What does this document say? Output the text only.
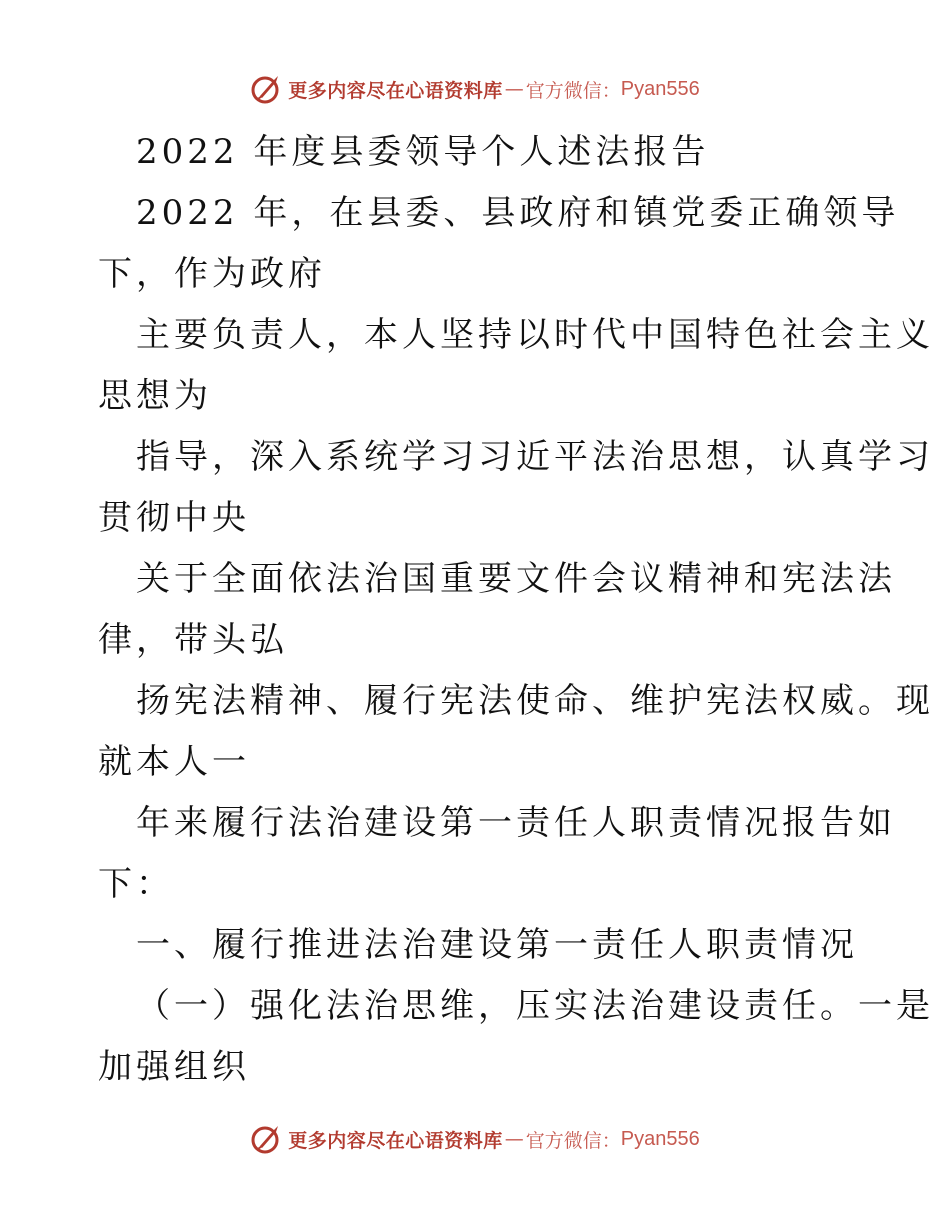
更多内容尽在心语资料库 — 官方微信： Pyan556
2022 年度县委领导个人述法报告
2022 年，在县委、县政府和镇党委正确领导
下，作为政府
主要负责人，本人坚持以时代中国特色社会主义
思想为
指导，深入系统学习习近平法治思想，认真学习
贯彻中央
关于全面依法治国重要文件会议精神和宪法法
律，带头弘
扬宪法精神、履行宪法使命、维护宪法权威。现
就本人一
年来履行法治建设第一责任人职责情况报告如
下：
一、履行推进法治建设第一责任人职责情况
（一）强化法治思维，压实法治建设责任。一是
加强组织
更多内容尽在心语资料库 — 官方微信： Pyan556
